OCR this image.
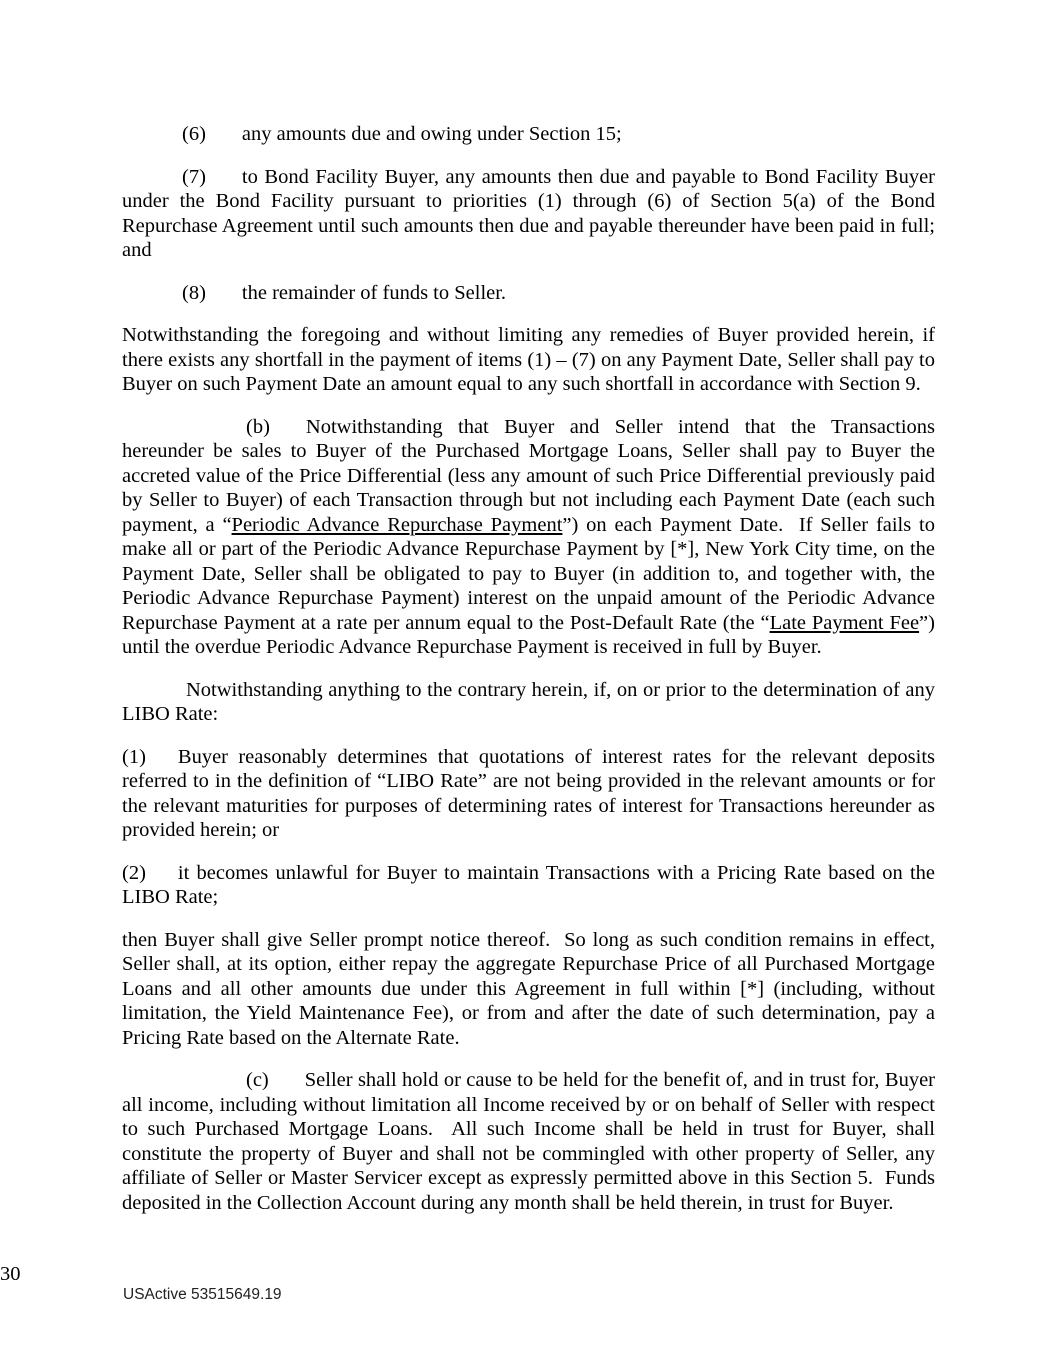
(6) any amounts due and owing under Section 15;

(7) to Bond Facility Buyer, any amounts then due and payable to Bond Facility Buyer under the Bond Facility pursuant to priorities (1) through (6) of Section 5(a) of the Bond Repurchase Agreement until such amounts then due and payable thereunder have been paid in full; and

(8) the remainder of funds to Seller.

Notwithstanding the foregoing and without limiting any remedies of Buyer provided herein, if there exists any shortfall in the payment of items (1) – (7) on any Payment Date, Seller shall pay to Buyer on such Payment Date an amount equal to any such shortfall in accordance with Section 9.

(b) Notwithstanding that Buyer and Seller intend that the Transactions hereunder be sales to Buyer of the Purchased Mortgage Loans, Seller shall pay to Buyer the accreted value of the Price Differential (less any amount of such Price Differential previously paid by Seller to Buyer) of each Transaction through but not including each Payment Date (each such payment, a “Periodic Advance Repurchase Payment”) on each Payment Date.  If Seller fails to make all or part of the Periodic Advance Repurchase Payment by [*], New York City time, on the Payment Date, Seller shall be obligated to pay to Buyer (in addition to, and together with, the Periodic Advance Repurchase Payment) interest on the unpaid amount of the Periodic Advance Repurchase Payment at a rate per annum equal to the Post-Default Rate (the “Late Payment Fee”) until the overdue Periodic Advance Repurchase Payment is received in full by Buyer.

Notwithstanding anything to the contrary herein, if, on or prior to the determination of any LIBO Rate:

(1) Buyer reasonably determines that quotations of interest rates for the relevant deposits referred to in the definition of “LIBO Rate” are not being provided in the relevant amounts or for the relevant maturities for purposes of determining rates of interest for Transactions hereunder as provided herein; or

(2) it becomes unlawful for Buyer to maintain Transactions with a Pricing Rate based on the LIBO Rate;

then Buyer shall give Seller prompt notice thereof.  So long as such condition remains in effect, Seller shall, at its option, either repay the aggregate Repurchase Price of all Purchased Mortgage Loans and all other amounts due under this Agreement in full within [*] (including, without limitation, the Yield Maintenance Fee), or from and after the date of such determination, pay a Pricing Rate based on the Alternate Rate.

(c) Seller shall hold or cause to be held for the benefit of, and in trust for, Buyer all income, including without limitation all Income received by or on behalf of Seller with respect to such Purchased Mortgage Loans.  All such Income shall be held in trust for Buyer, shall constitute the property of Buyer and shall not be commingled with other property of Seller, any affiliate of Seller or Master Servicer except as expressly permitted above in this Section 5.  Funds deposited in the Collection Account during any month shall be held therein, in trust for Buyer.

30

USActive 53515649.19
